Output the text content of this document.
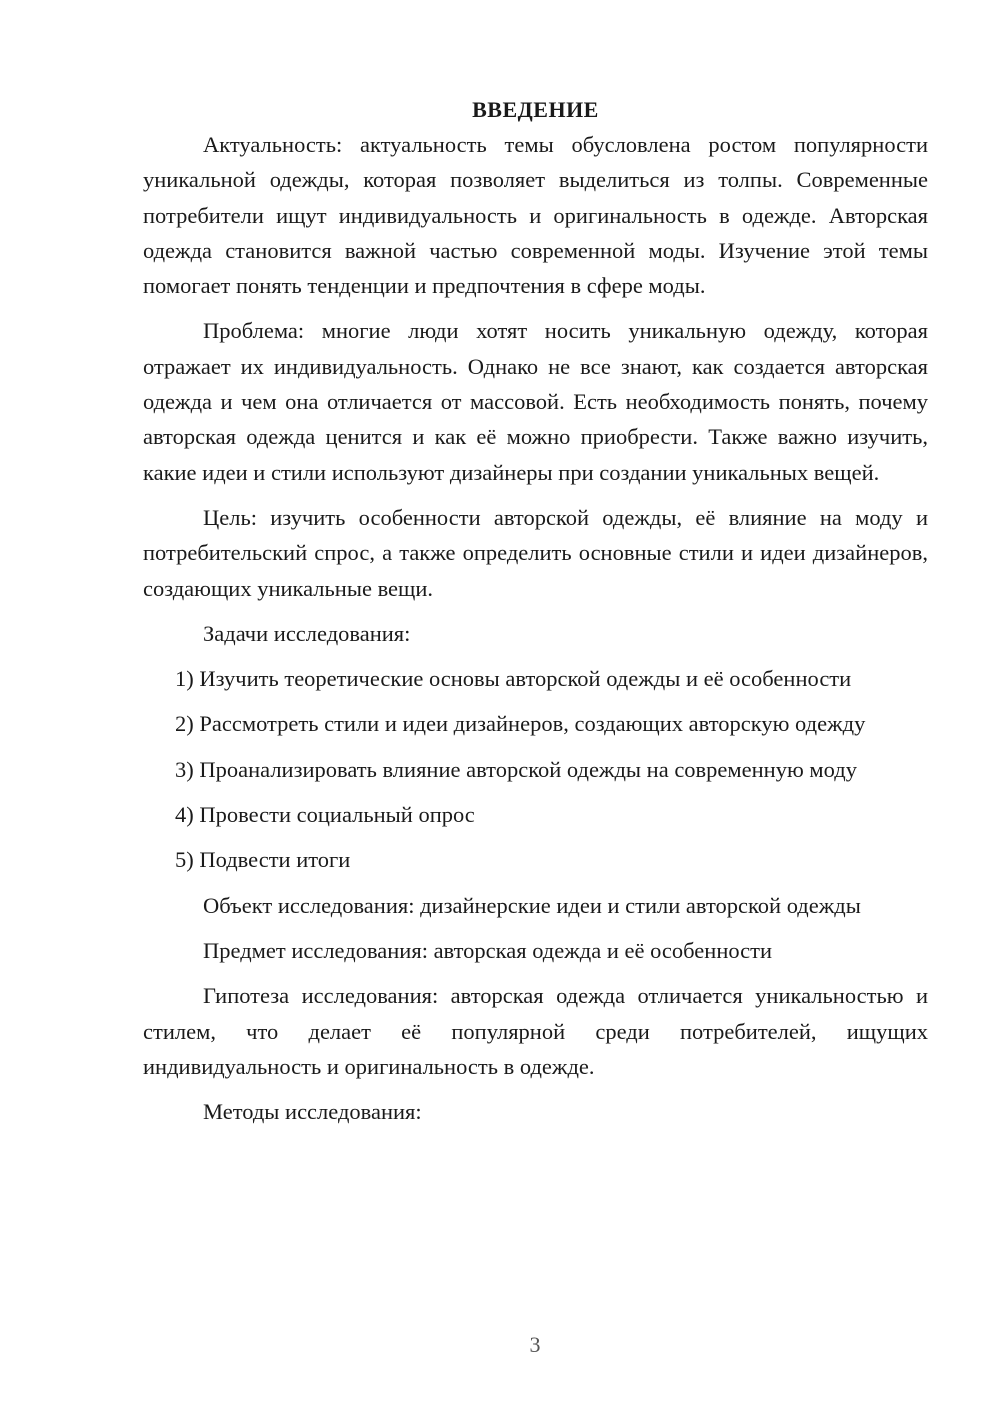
ВВЕДЕНИЕ

Актуальность: актуальность темы обусловлена ростом популярности уникальной одежды, которая позволяет выделиться из толпы. Современные потребители ищут индивидуальность и оригинальность в одежде. Авторская одежда становится важной частью современной моды. Изучение этой темы помогает понять тенденции и предпочтения в сфере моды.

Проблема: многие люди хотят носить уникальную одежду, которая отражает их индивидуальность. Однако не все знают, как создается авторская одежда и чем она отличается от массовой. Есть необходимость понять, почему авторская одежда ценится и как её можно приобрести. Также важно изучить, какие идеи и стили используют дизайнеры при создании уникальных вещей.

Цель: изучить особенности авторской одежды, её влияние на моду и потребительский спрос, а также определить основные стили и идеи дизайнеров, создающих уникальные вещи.

Задачи исследования:

1) Изучить теоретические основы авторской одежды и её особенности

2) Рассмотреть стили и идеи дизайнеров, создающих авторскую одежду

3) Проанализировать влияние авторской одежды на современную моду

4) Провести социальный опрос

5) Подвести итоги

Объект исследования: дизайнерские идеи и стили авторской одежды

Предмет исследования: авторская одежда и её особенности

Гипотеза исследования: авторская одежда отличается уникальностью и стилем, что делает её популярной среди потребителей, ищущих индивидуальность и оригинальность в одежде.

Методы исследования:

3
